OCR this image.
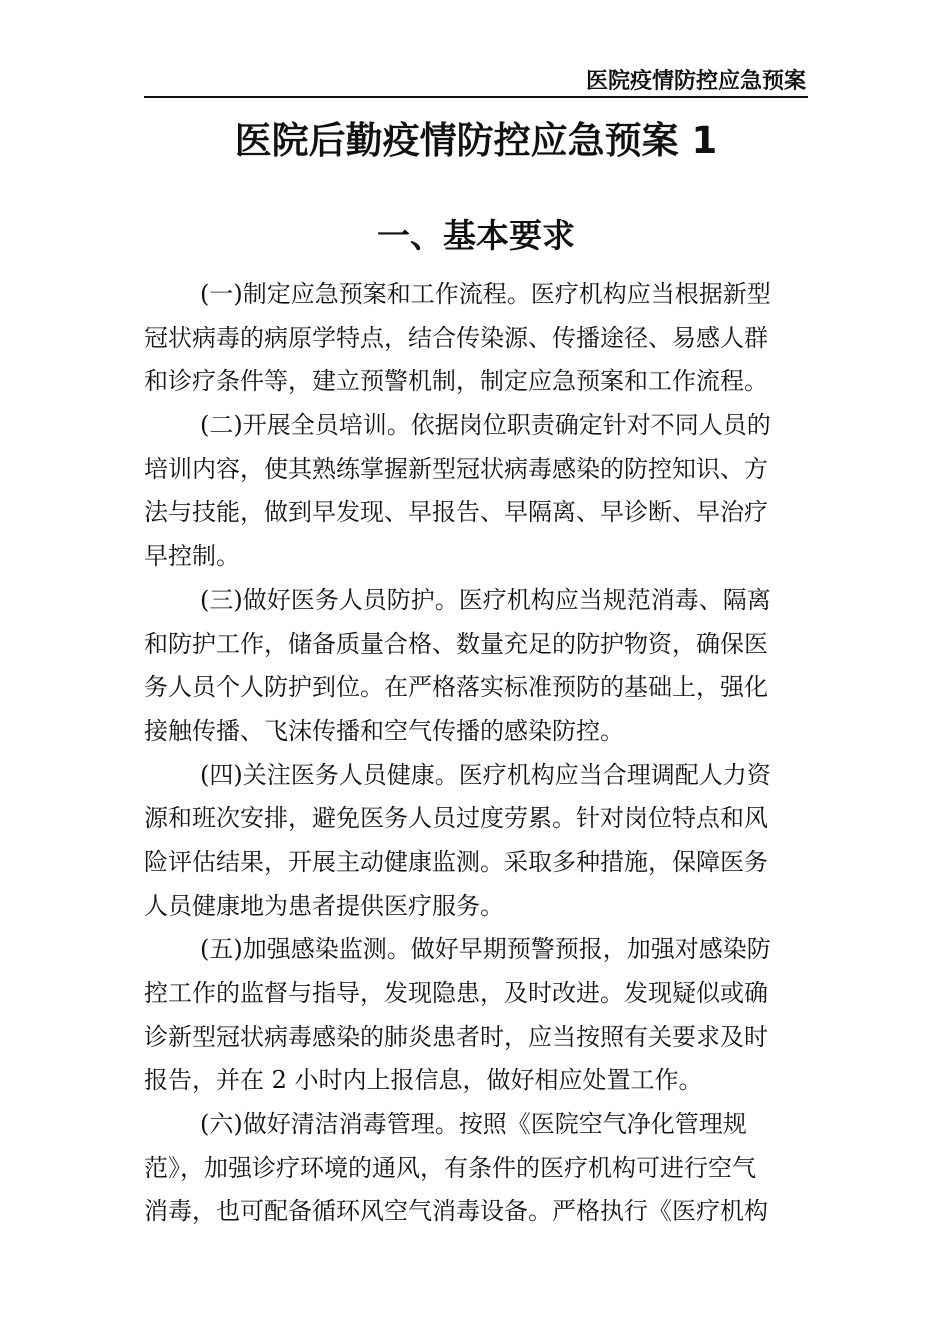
医院疫情防控应急预案
医院后勤疫情防控应急预案 1
一、基本要求

(一)制定应急预案和工作流程。医疗机构应当根据新型
冠状病毒的病原学特点，结合传染源、传播途径、易感人群
和诊疗条件等，建立预警机制，制定应急预案和工作流程。

(二)开展全员培训。依据岗位职责确定针对不同人员的
培训内容，使其熟练掌握新型冠状病毒感染的防控知识、方
法与技能，做到早发现、早报告、早隔离、早诊断、早治疗
早控制。

(三)做好医务人员防护。医疗机构应当规范消毒、隔离
和防护工作，储备质量合格、数量充足的防护物资，确保医
务人员个人防护到位。在严格落实标准预防的基础上，强化
接触传播、飞沫传播和空气传播的感染防控。

(四)关注医务人员健康。医疗机构应当合理调配人力资
源和班次安排，避免医务人员过度劳累。针对岗位特点和风
险评估结果，开展主动健康监测。采取多种措施，保障医务
人员健康地为患者提供医疗服务。

(五)加强感染监测。做好早期预警预报，加强对感染防
控工作的监督与指导，发现隐患，及时改进。发现疑似或确
诊新型冠状病毒感染的肺炎患者时，应当按照有关要求及时
报告，并在 2 小时内上报信息，做好相应处置工作。

(六)做好清洁消毒管理。按照《医院空气净化管理规
范》，加强诊疗环境的通风，有条件的医疗机构可进行空气
消毒，也可配备循环风空气消毒设备。严格执行《医疗机构
